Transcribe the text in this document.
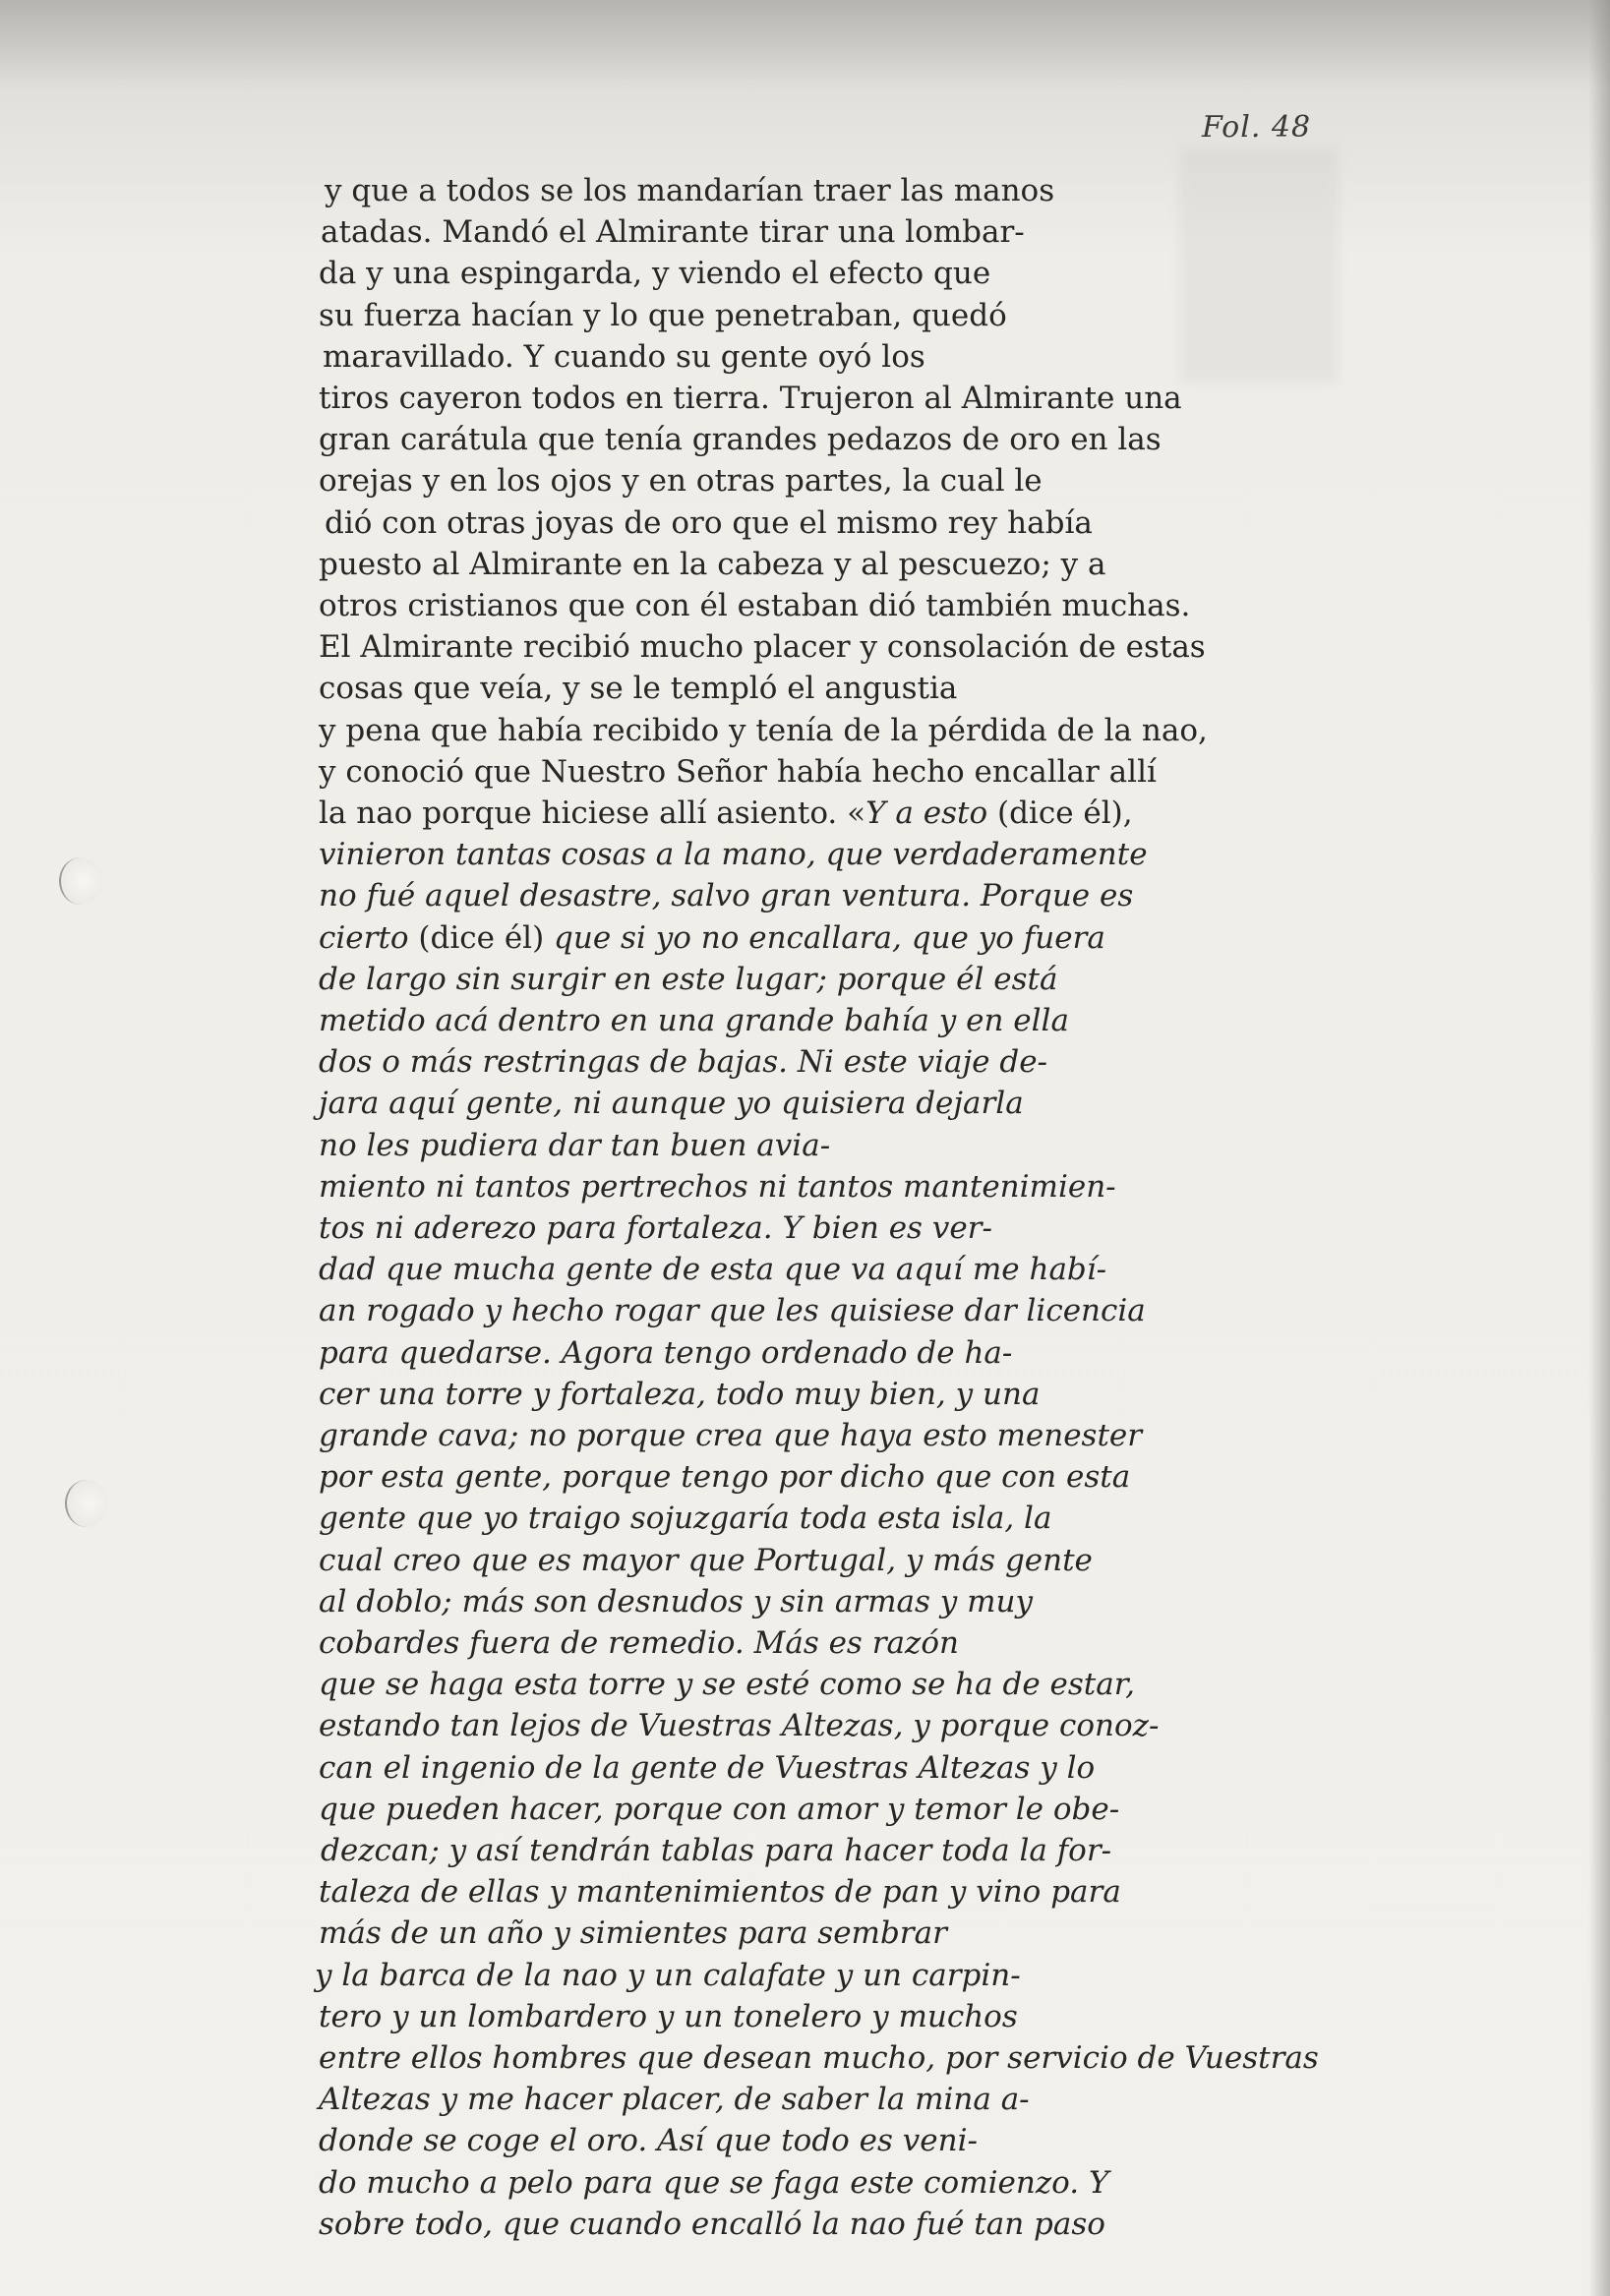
Fol. 48
y que a todos se los mandarían traer las manos
atadas. Mandó el Almirante tirar una lombar-
da y una espingarda, y viendo el efecto que
su fuerza hacían y lo que penetraban, quedó
maravillado. Y cuando su gente oyó los
tiros cayeron todos en tierra. Trujeron al Almirante una
gran carátula que tenía grandes pedazos de oro en las
orejas y en los ojos y en otras partes, la cual le
dió con otras joyas de oro que el mismo rey había
puesto al Almirante en la cabeza y al pescuezo; y a
otros cristianos que con él estaban dió también muchas.
El Almirante recibió mucho placer y consolación de estas
cosas que veía, y se le templó el angustia
y pena que había recibido y tenía de la pérdida de la nao,
y conoció que Nuestro Señor había hecho encallar allí
la nao porque hiciese allí asiento. «Y a esto (dice él),
vinieron tantas cosas a la mano, que verdaderamente
no fué aquel desastre, salvo gran ventura. Porque es
cierto (dice él) que si yo no encallara, que yo fuera
de largo sin surgir en este lugar; porque él está
metido acá dentro en una grande bahía y en ella
dos o más restringas de bajas. Ni este viaje de-
jara aquí gente, ni aunque yo quisiera dejarla
no les pudiera dar tan buen avia-
miento ni tantos pertrechos ni tantos mantenimien-
tos ni aderezo para fortaleza. Y bien es ver-
dad que mucha gente de esta que va aquí me habí-
an rogado y hecho rogar que les quisiese dar licencia
para quedarse. Agora tengo ordenado de ha-
cer una torre y fortaleza, todo muy bien, y una
grande cava; no porque crea que haya esto menester
por esta gente, porque tengo por dicho que con esta
gente que yo traigo sojuzgaría toda esta isla, la
cual creo que es mayor que Portugal, y más gente
al doblo; más son desnudos y sin armas y muy
cobardes fuera de remedio. Más es razón
que se haga esta torre y se esté como se ha de estar,
estando tan lejos de Vuestras Altezas, y porque conoz-
can el ingenio de la gente de Vuestras Altezas y lo
que pueden hacer, porque con amor y temor le obe-
dezcan; y así tendrán tablas para hacer toda la for-
taleza de ellas y mantenimientos de pan y vino para
más de un año y simientes para sembrar
y la barca de la nao y un calafate y un carpin-
tero y un lombardero y un tonelero y muchos
entre ellos hombres que desean mucho, por servicio de Vuestras
Altezas y me hacer placer, de saber la mina a-
donde se coge el oro. Así que todo es veni-
do mucho a pelo para que se faga este comienzo. Y
sobre todo, que cuando encalló la nao fué tan paso
